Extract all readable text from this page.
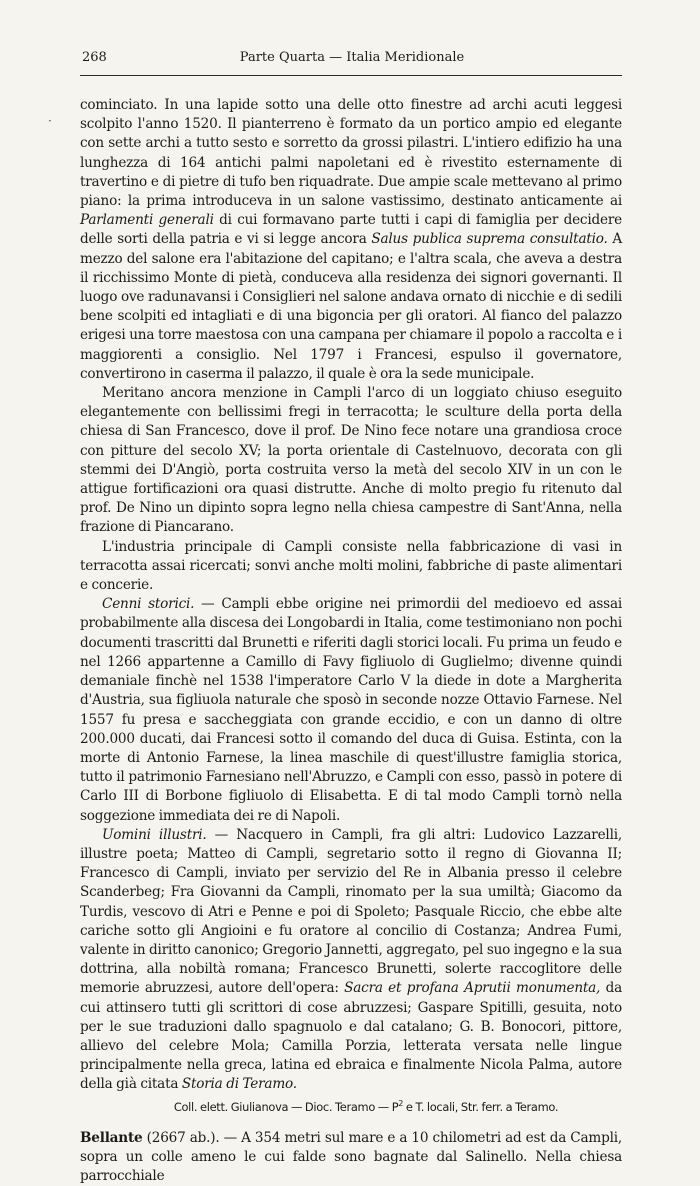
268	Parte Quarta — Italia Meridionale
·

cominciato. In una lapide sotto una delle otto finestre ad archi acuti leggesi scolpito l'anno 1520. Il pianterreno è formato da un portico ampio ed elegante con sette archi a tutto sesto e sorretto da grossi pilastri. L'intiero edifizio ha una lunghezza di 164 antichi palmi napoletani ed è rivestito esternamente di travertino e di pietre di tufo ben riquadrate. Due ampie scale mettevano al primo piano: la prima introduceva in un salone vastissimo, destinato anticamente ai Parlamenti generali di cui formavano parte tutti i capi di famiglia per decidere delle sorti della patria e vi si legge ancora Salus publica suprema consultatio. A mezzo del salone era l'abitazione del capitano; e l'altra scala, che aveva a destra il ricchissimo Monte di pietà, conduceva alla residenza dei signori governanti. Il luogo ove radunavansi i Consiglieri nel salone andava ornato di nicchie e di sedili bene scolpiti ed intagliati e di una bigoncia per gli oratori. Al fianco del palazzo erigesi una torre maestosa con una campana per chiamare il popolo a raccolta e i maggiorenti a consiglio. Nel 1797 i Francesi, espulso il governatore, convertirono in caserma il palazzo, il quale è ora la sede municipale.

Meritano ancora menzione in Campli l'arco di un loggiato chiuso eseguito elegantemente con bellissimi fregi in terracotta; le sculture della porta della chiesa di San Francesco, dove il prof. De Nino fece notare una grandiosa croce con pitture del secolo XV; la porta orientale di Castelnuovo, decorata con gli stemmi dei D'Angiò, porta costruita verso la metà del secolo XIV in un con le attigue fortificazioni ora quasi distrutte. Anche di molto pregio fu ritenuto dal prof. De Nino un dipinto sopra legno nella chiesa campestre di Sant'Anna, nella frazione di Piancarano.

L'industria principale di Campli consiste nella fabbricazione di vasi in terracotta assai ricercati; sonvi anche molti molini, fabbriche di paste alimentari e concerie.

Cenni storici. — Campli ebbe origine nei primordii del medioevo ed assai probabilmente alla discesa dei Longobardi in Italia, come testimoniano non pochi documenti trascritti dal Brunetti e riferiti dagli storici locali. Fu prima un feudo e nel 1266 appartenne a Camillo di Favy figliuolo di Guglielmo; divenne quindi demaniale finchè nel 1538 l'imperatore Carlo V la diede in dote a Margherita d'Austria, sua figliuola naturale che sposò in seconde nozze Ottavio Farnese. Nel 1557 fu presa e saccheggiata con grande eccidio, e con un danno di oltre 200.000 ducati, dai Francesi sotto il comando del duca di Guisa. Estinta, con la morte di Antonio Farnese, la linea maschile di quest'illustre famiglia storica, tutto il patrimonio Farnesiano nell'Abruzzo, e Campli con esso, passò in potere di Carlo III di Borbone figliuolo di Elisabetta. E di tal modo Campli tornò nella soggezione immediata dei re di Napoli.

Uomini illustri. — Nacquero in Campli, fra gli altri: Ludovico Lazzarelli, illustre poeta; Matteo di Campli, segretario sotto il regno di Giovanna II; Francesco di Campli, inviato per servizio del Re in Albania presso il celebre Scanderbeg; Fra Giovanni da Campli, rinomato per la sua umiltà; Giacomo da Turdis, vescovo di Atri e Penne e poi di Spoleto; Pasquale Riccio, che ebbe alte cariche sotto gli Angioini e fu oratore al concilio di Costanza; Andrea Fumi, valente in diritto canonico; Gregorio Jannetti, aggregato, pel suo ingegno e la sua dottrina, alla nobiltà romana; Francesco Brunetti, solerte raccoglitore delle memorie abruzzesi, autore dell'opera: Sacra et profana Aprutii monumenta, da cui attinsero tutti gli scrittori di cose abruzzesi; Gaspare Spitilli, gesuita, noto per le sue traduzioni dallo spagnuolo e dal catalano; G. B. Bonocori, pittore, allievo del celebre Mola; Camilla Porzia, letterata versata nelle lingue principalmente nella greca, latina ed ebraica e finalmente Nicola Palma, autore della già citata Storia di Teramo.

Coll. elett. Giulianova — Dioc. Teramo — $P^2$ e T. locali, Str. ferr. a Teramo.

Bellante (2667 ab.). — A 354 metri sul mare e a 10 chilometri ad est da Campli, sopra un colle ameno le cui falde sono bagnate dal Salinello. Nella chiesa parrocchiale
